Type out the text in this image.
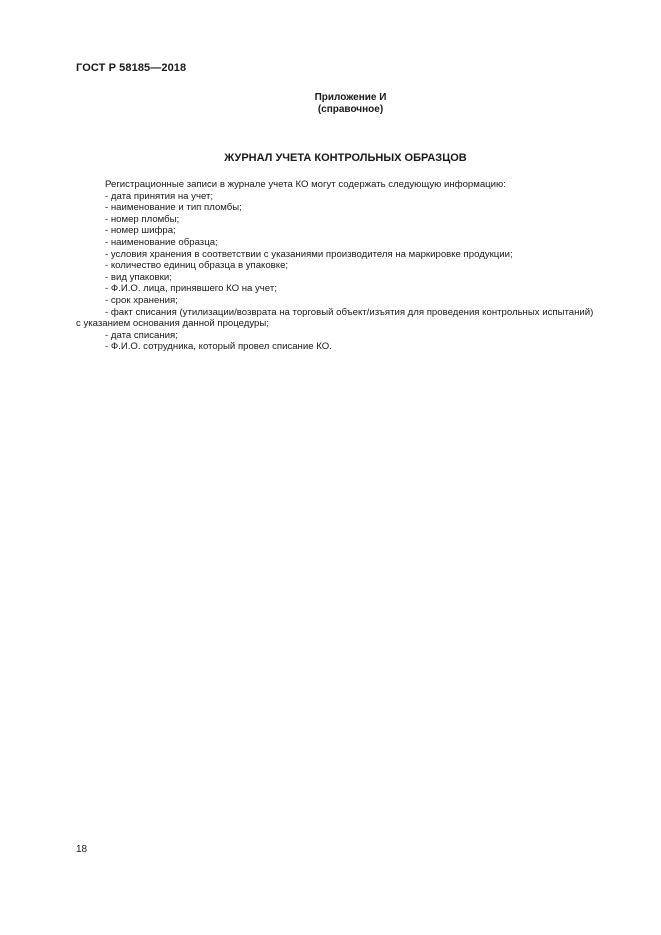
ГОСТ Р 58185—2018
Приложение И
(справочное)
ЖУРНАЛ УЧЕТА КОНТРОЛЬНЫХ ОБРАЗЦОВ
Регистрационные записи в журнале учета КО могут содержать следующую информацию:
- дата принятия на учет;
- наименование и тип пломбы;
- номер пломбы;
- номер шифра;
- наименование образца;
- условия хранения в соответствии с указаниями производителя на маркировке продукции;
- количество единиц образца в упаковке;
- вид упаковки;
- Ф.И.О. лица, принявшего КО на учет;
- срок хранения;
- факт списания (утилизации/возврата на торговый объект/изъятия для проведения контрольных испытаний)
с указанием основания данной процедуры;
- дата списания;
- Ф.И.О. сотрудника, который провел списание КО.
18
